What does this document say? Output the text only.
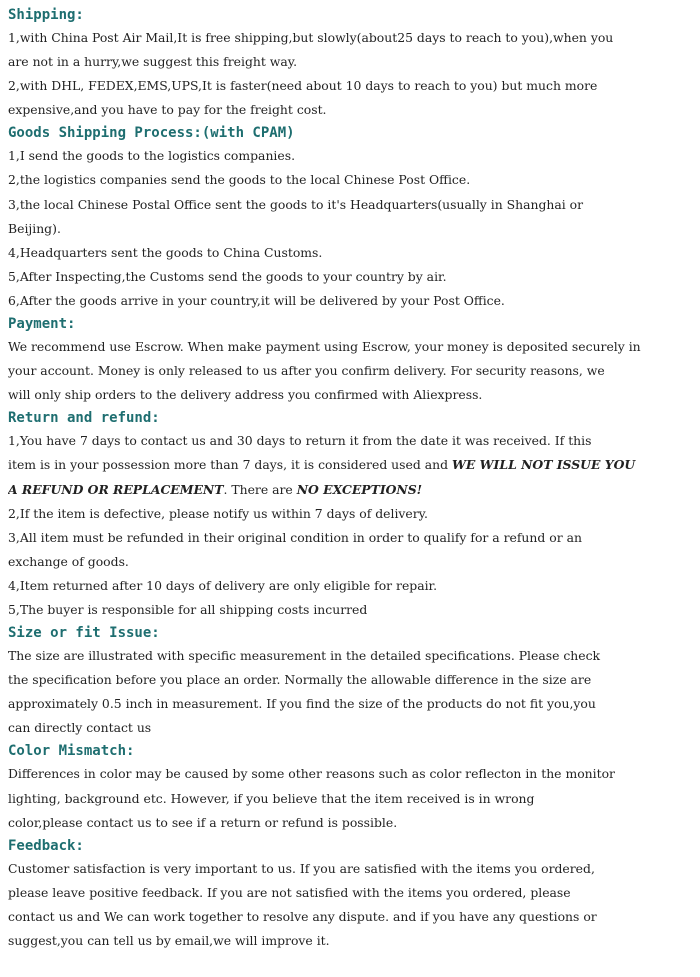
Shipping:
1,with China Post Air Mail,It is free shipping,but slowly(about25 days to reach to you),when you
are not in a hurry,we suggest this freight way.
2,with DHL, FEDEX,EMS,UPS,It is faster(need about 10 days to reach to you) but much more
expensive,and you have to pay for the freight cost.
Goods Shipping Process:(with CPAM)
1,I send the goods to the logistics companies.
2,the logistics companies send the goods to the local Chinese Post Office.
3,the local Chinese Postal Office sent the goods to it's Headquarters(usually in Shanghai or
Beijing).
4,Headquarters sent the goods to China Customs.
5,After Inspecting,the Customs send the goods to your country by air.
6,After the goods arrive in your country,it will be delivered by your Post Office.
Payment:
We recommend use Escrow. When make payment using Escrow, your money is deposited securely in
your account. Money is only released to us after you confirm delivery. For security reasons, we
will only ship orders to the delivery address you confirmed with Aliexpress.
Return and refund:
1,You have 7 days to contact us and 30 days to return it from the date it was received. If this
item is in your possession more than 7 days, it is considered used and WE WILL NOT ISSUE YOU
A REFUND OR REPLACEMENT. There are NO EXCEPTIONS!
2,If the item is defective, please notify us within 7 days of delivery.
3,All item must be refunded in their original condition in order to qualify for a refund or an
exchange of goods.
4,Item returned after 10 days of delivery are only eligible for repair.
5,The buyer is responsible for all shipping costs incurred
Size or fit Issue:
The size are illustrated with specific measurement in the detailed specifications. Please check
the specification before you place an order. Normally the allowable difference in the size are
approximately 0.5 inch in measurement. If you find the size of the products do not fit you,you
can directly contact us
Color Mismatch:
Differences in color may be caused by some other reasons such as color reflecton in the monitor
lighting, background etc. However, if you believe that the item received is in wrong
color,please contact us to see if a return or refund is possible.
Feedback:
Customer satisfaction is very important to us. If you are satisfied with the items you ordered,
please leave positive feedback. If you are not satisfied with the items you ordered, please
contact us and We can work together to resolve any dispute. and if you have any questions or
suggest,you can tell us by email,we will improve it.
